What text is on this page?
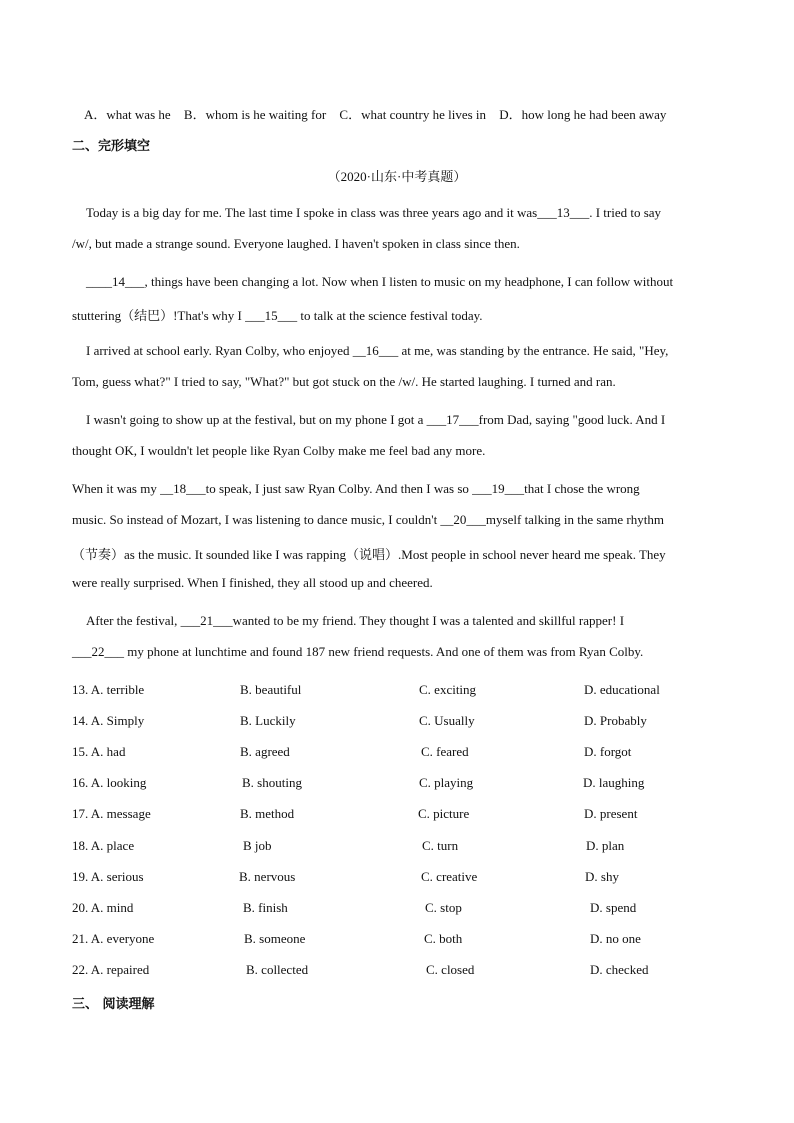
A．what was he B．whom is he waiting for C．what country he lives in D．how long he had been away
二、完形填空
（2020·山东·中考真题）
Today is a big day for me. The last time I spoke in class was three years ago and it was___13___. I tried to say
/w/, but made a strange sound. Everyone laughed. I haven't spoken in class since then.
____14___, things have been changing a lot. Now when I listen to music on my headphone, I can follow without
stuttering（结巴）!That's why I ___15___ to talk at the science festival today.
I arrived at school early. Ryan Colby, who enjoyed __16___ at me, was standing by the entrance. He said, "Hey,
Tom, guess what?" I tried to say, "What?" but got stuck on the /w/. He started laughing. I turned and ran.
I wasn't going to show up at the festival, but on my phone I got a ___17___from Dad, saying "good luck. And I
thought OK, I wouldn't let people like Ryan Colby make me feel bad any more.
When it was my __18___to speak, I just saw Ryan Colby. And then I was so ___19___that I chose the wrong
music. So instead of Mozart, I was listening to dance music, I couldn't __20___myself talking in the same rhythm
（节奏）as the music. It sounded like I was rapping（说唱）.Most people in school never heard me speak. They
were really surprised. When I finished, they all stood up and cheered.
After the festival, ___21___wanted to be my friend. They thought I was a talented and skillful rapper! I
___22___ my phone at lunchtime and found 187 new friend requests. And one of them was from Ryan Colby.
13. A. terrible	B. beautiful	C. exciting	D. educational
14. A. Simply	B. Luckily	C. Usually	D. Probably
15. A. had	B. agreed	C. feared	D. forgot
16. A. looking	B. shouting	C. playing	D. laughing
17. A. message	B. method	C. picture	D. present
18. A. place	B job	C. turn	D. plan
19. A. serious	B. nervous	C. creative	D. shy
20. A. mind	B. finish	C. stop	D. spend
21. A. everyone	B. someone	C. both	D. no one
22. A. repaired	B. collected	C. closed	D. checked
三、 阅读理解
